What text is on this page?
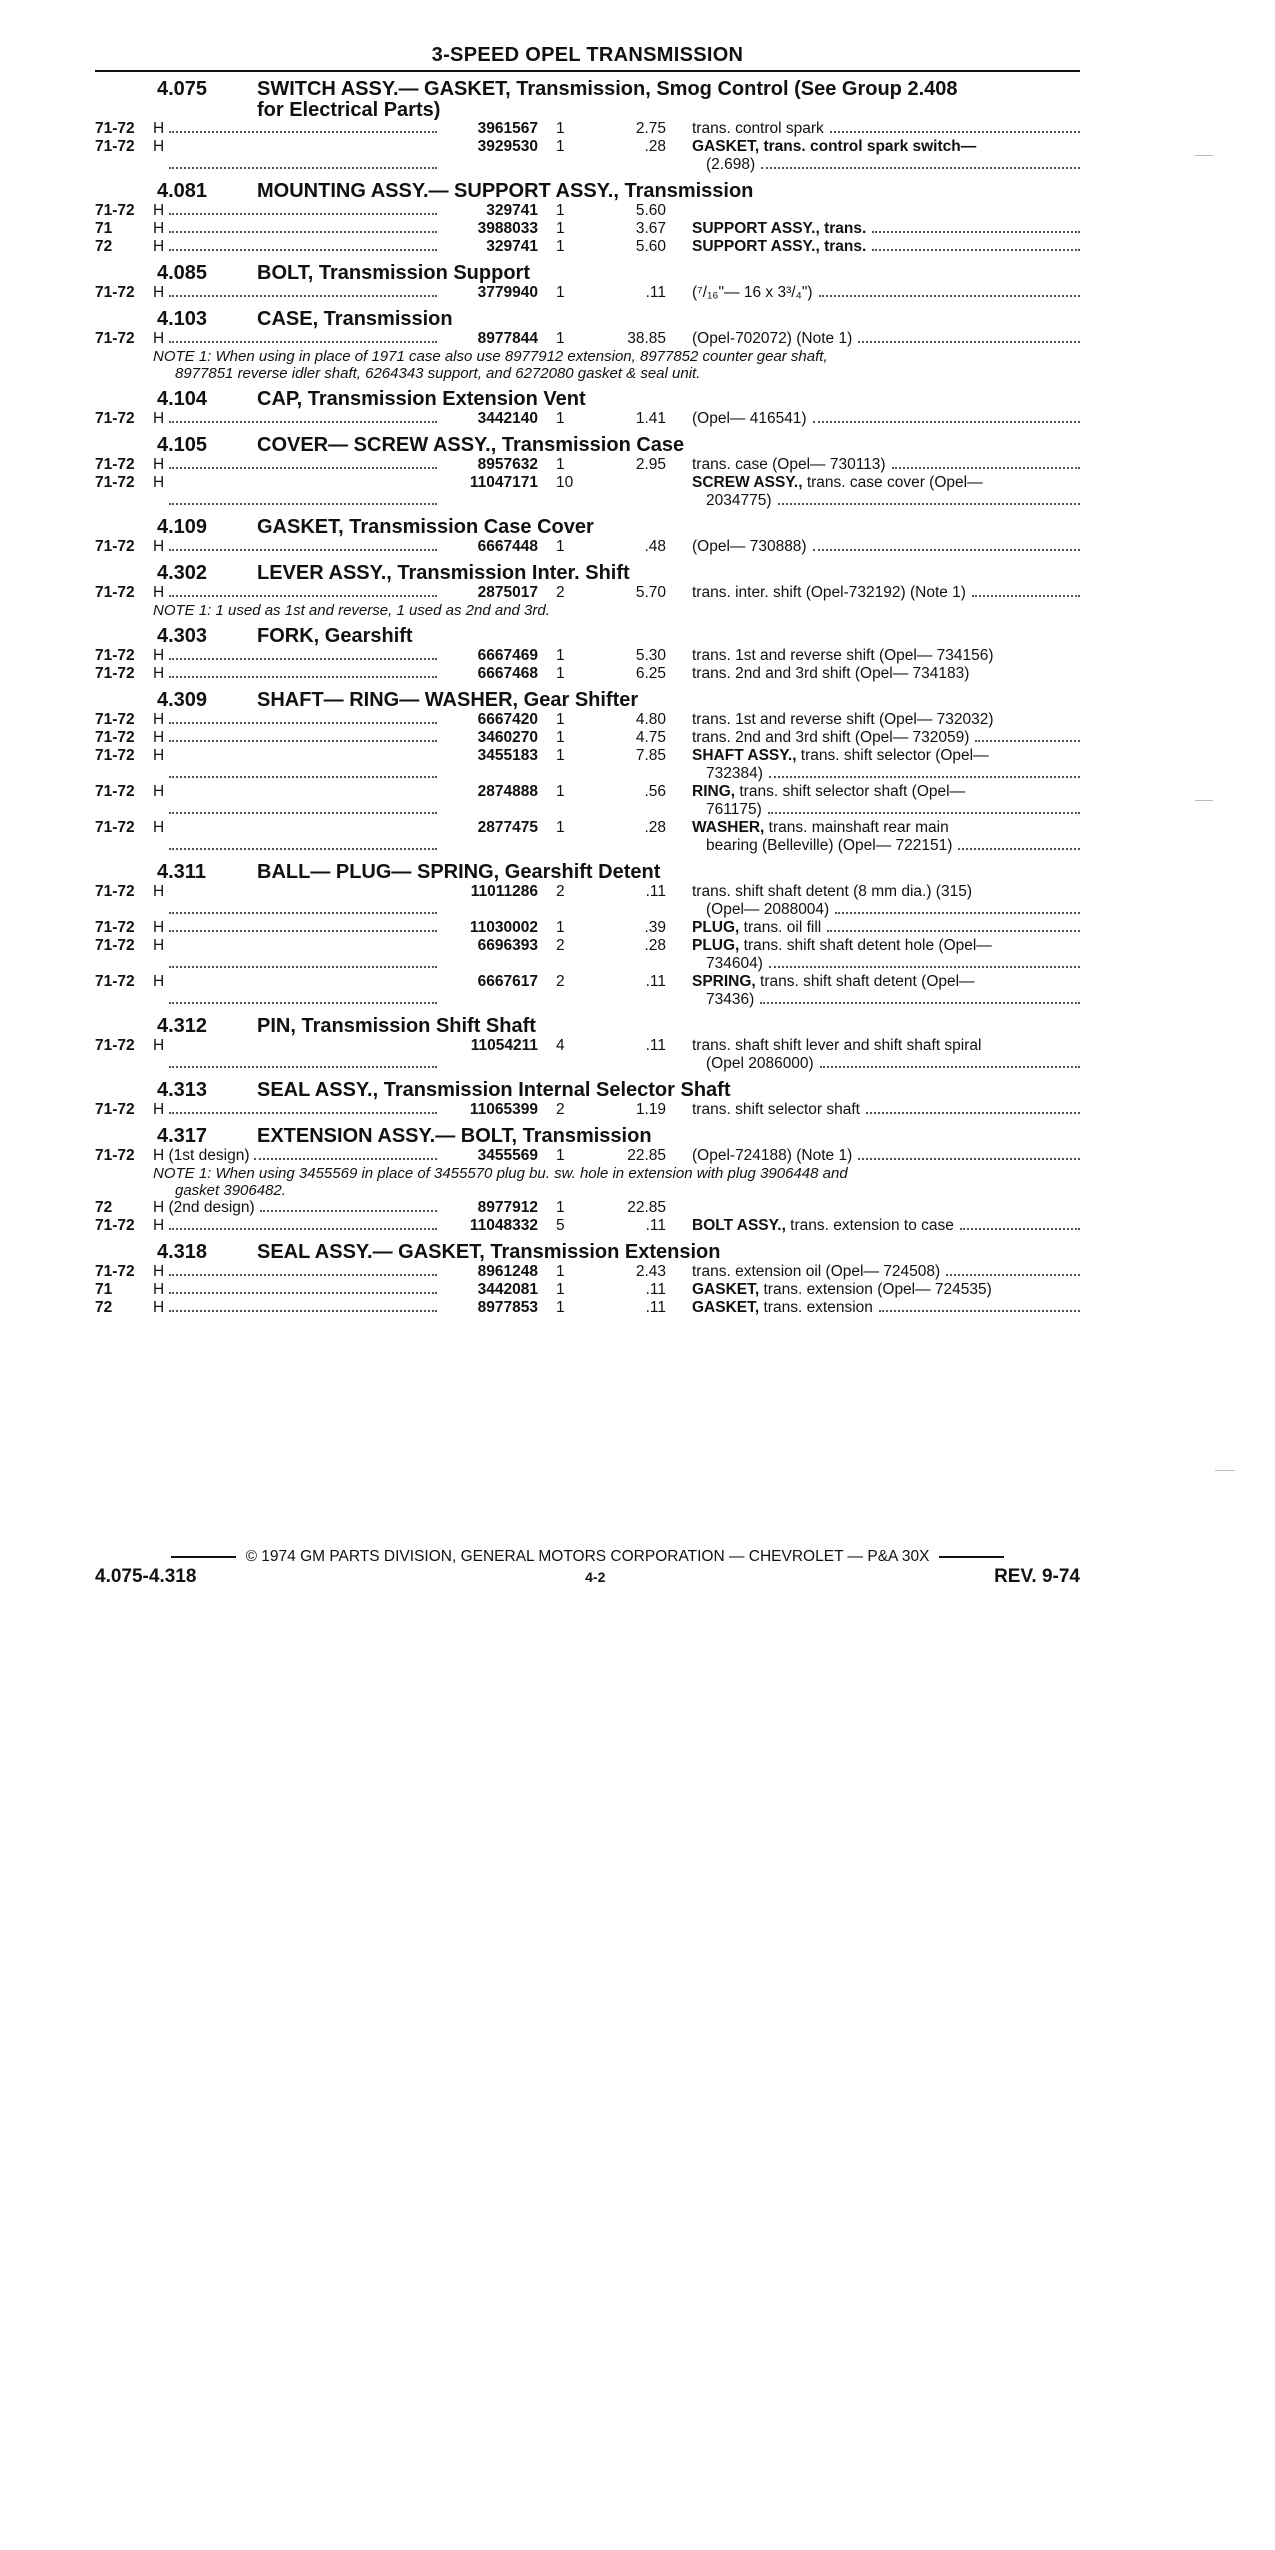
3-SPEED OPEL TRANSMISSION
4.075	SWITCH ASSY.— GASKET, Transmission, Smog Control (See Group 2.408
for Electrical Parts)
71-72	H	3961567	1	2.75 trans. control spark
71-72	H	3929530	1	.28 GASKET, trans. control spark switch—
(2.698)
4.081	MOUNTING ASSY.— SUPPORT ASSY., Transmission
71-72	H	329741	1	5.60
71	H	3988033	1	3.67 SUPPORT ASSY., trans.
72	H	329741	1	5.60 SUPPORT ASSY., trans.
4.085	BOLT, Transmission Support
71-72	H	3779940	1	.11 (⁷/₁₆"— 16 x 3³/₄")
4.103	CASE, Transmission
71-72	H	8977844	1	38.85 (Opel-702072) (Note 1)
NOTE 1: When using in place of 1971 case also use 8977912 extension, 8977852 counter gear shaft,

8977851 reverse idler shaft, 6264343 support, and 6272080 gasket & seal unit.
4.104	CAP, Transmission Extension Vent
71-72	H	3442140	1	1.41 (Opel— 416541)
4.105	COVER— SCREW ASSY., Transmission Case
71-72	H	8957632	1	2.95 trans. case (Opel— 730113)
71-72	H	11047171	10	SCREW ASSY., trans. case cover (Opel—
2034775)
4.109	GASKET, Transmission Case Cover
71-72	H	6667448	1	.48 (Opel— 730888)
4.302	LEVER ASSY., Transmission Inter. Shift
71-72	H	2875017	2	5.70 trans. inter. shift (Opel-732192) (Note 1)
NOTE 1: 1 used as 1st and reverse, 1 used as 2nd and 3rd.

4.303	FORK, Gearshift
71-72	H	6667469	1	5.30 trans. 1st and reverse shift (Opel— 734156)
71-72	H	6667468	1	6.25 trans. 2nd and 3rd shift (Opel— 734183)
4.309	SHAFT— RING— WASHER, Gear Shifter
71-72	H	6667420	1	4.80 trans. 1st and reverse shift (Opel— 732032)
71-72	H	3460270	1	4.75 trans. 2nd and 3rd shift (Opel— 732059)
71-72	H	3455183	1	7.85 SHAFT ASSY., trans. shift selector (Opel—
732384)
71-72	H	2874888	1	.56 RING, trans. shift selector shaft (Opel—
761175)
71-72	H	2877475	1	.28 WASHER, trans. mainshaft rear main
bearing (Belleville) (Opel— 722151)
4.311	BALL— PLUG— SPRING, Gearshift Detent
71-72	H	11011286	2	.11 trans. shift shaft detent (8 mm dia.) (315)
(Opel— 2088004)
71-72	H	11030002	1	.39 PLUG, trans. oil fill
71-72	H	6696393	2	.28 PLUG, trans. shift shaft detent hole (Opel—
734604)
71-72	H	6667617	2	.11 SPRING, trans. shift shaft detent (Opel—
73436)
4.312	PIN, Transmission Shift Shaft
71-72	H	11054211	4	.11 trans. shaft shift lever and shift shaft spiral
(Opel 2086000)
4.313	SEAL ASSY., Transmission Internal Selector Shaft
71-72	H	11065399	2	1.19 trans. shift selector shaft
4.317	EXTENSION ASSY.— BOLT, Transmission
71-72	H (1st design)	3455569	1	22.85 (Opel-724188) (Note 1)
NOTE 1: When using 3455569 in place of 3455570 plug bu. sw. hole in extension with plug 3906448 and

gasket 3906482.
72	H (2nd design)	8977912	1	22.85
71-72	H	11048332	5	.11 BOLT ASSY., trans. extension to case
4.318	SEAL ASSY.— GASKET, Transmission Extension
71-72	H	8961248	1	2.43 trans. extension oil (Opel— 724508)
71	H	3442081	1	.11 GASKET, trans. extension (Opel— 724535)
72	H	8977853	1	.11 GASKET, trans. extension
© 1974 GM PARTS DIVISION, GENERAL MOTORS CORPORATION — CHEVROLET — P&A 30X
4.075-4.318	4-2	REV. 9-74
